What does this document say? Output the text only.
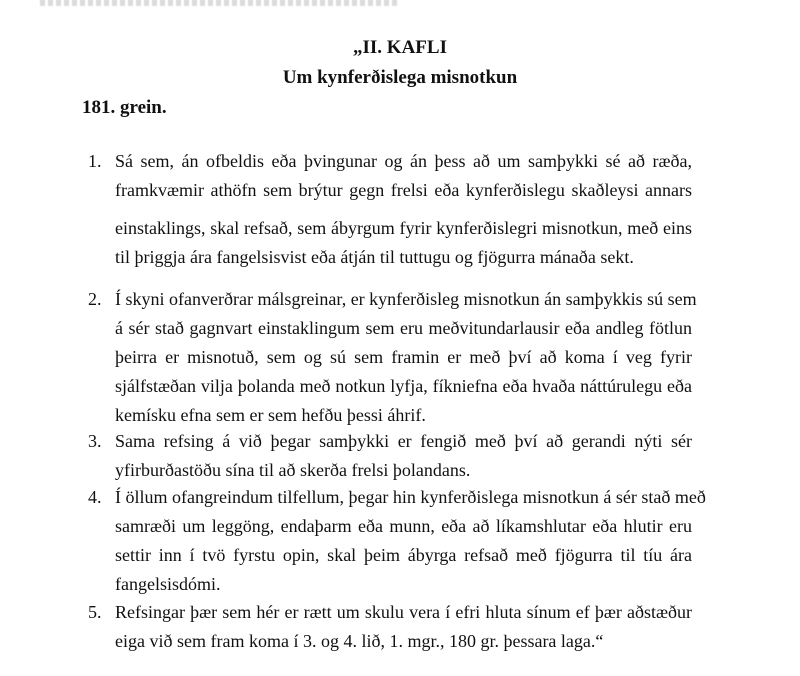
„II. KAFLI
Um kynferðislega misnotkun
181. grein.
1. Sá sem, án ofbeldis eða þvingunar og án þess að um samþykki sé að ræða,
framkvæmir athöfn sem brýtur gegn frelsi eða kynferðislegu skaðleysi annars

einstaklings, skal refsað, sem ábyrgum fyrir kynferðislegri misnotkun, með eins
til þriggja ára fangelsisvist eða átján til tuttugu og fjögurra mánaða sekt.

2. Í skyni ofanverðrar málsgreinar, er kynferðisleg misnotkun án samþykkis sú sem
á sér stað gagnvart einstaklingum sem eru meðvitundarlausir eða andleg fötlun
þeirra er misnotuð, sem og sú sem framin er með því að koma í veg fyrir
sjálfstæðan vilja þolanda með notkun lyfja, fíkniefna eða hvaða náttúrulegu eða
kemísku efna sem er sem hefðu þessi áhrif.

3. Sama refsing á við þegar samþykki er fengið með því að gerandi nýti sér
yfirburðastöðu sína til að skerða frelsi þolandans.

4. Í öllum ofangreindum tilfellum, þegar hin kynferðislega misnotkun á sér stað með
samræði um leggöng, endaþarm eða munn, eða að líkamshlutar eða hlutir eru
settir inn í tvö fyrstu opin, skal þeim ábyrga refsað með fjögurra til tíu ára
fangelsisdómi.

5. Refsingar þær sem hér er rætt um skulu vera í efri hluta sínum ef þær aðstæður
eiga við sem fram koma í 3. og 4. lið, 1. mgr., 180 gr. þessara laga.“
